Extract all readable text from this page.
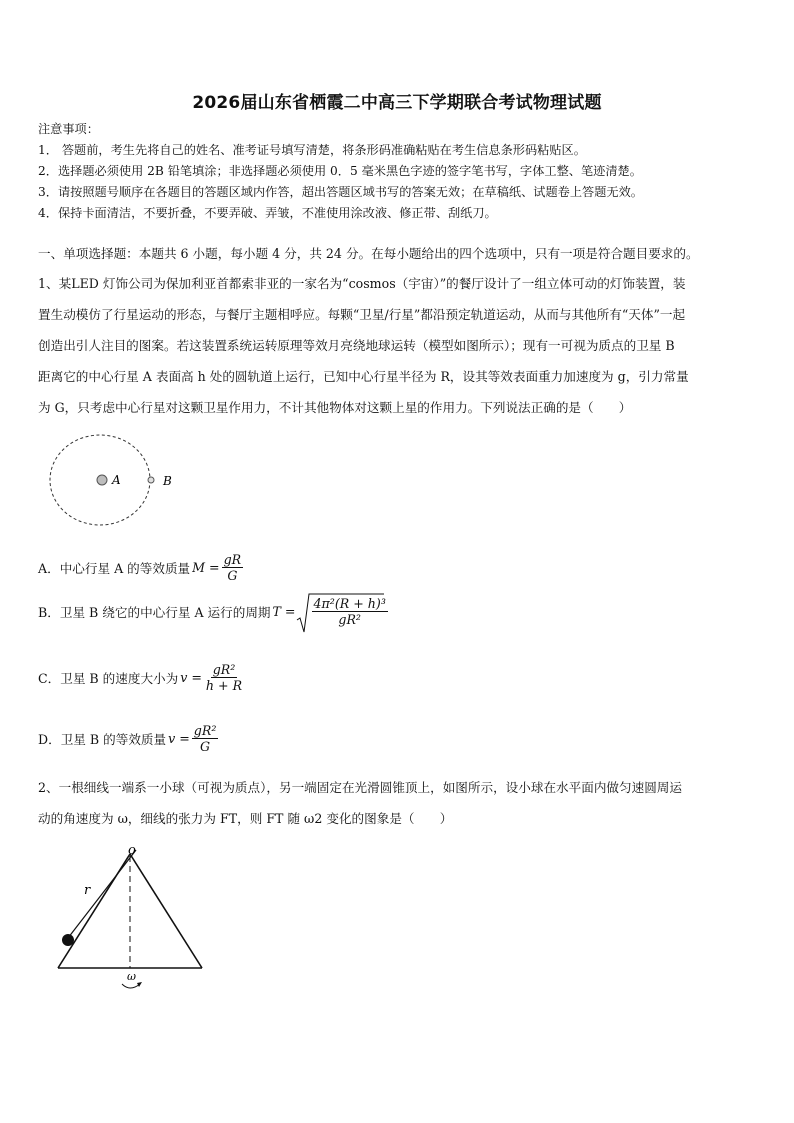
2026届山东省栖霞二中高三下学期联合考试物理试题
注意事项：
1． 答题前，考生先将自己的姓名、准考证号填写清楚，将条形码准确粘贴在考生信息条形码粘贴区。
2．选择题必须使用 2B 铅笔填涂；非选择题必须使用 0．5 毫米黑色字迹的签字笔书写，字体工整、笔迹清楚。
3．请按照题号顺序在各题目的答题区域内作答，超出答题区域书写的答案无效；在草稿纸、试题卷上答题无效。
4．保持卡面清洁，不要折叠，不要弄破、弄皱，不准使用涂改液、修正带、刮纸刀。
一、单项选择题：本题共 6 小题，每小题 4 分，共 24 分。在每小题给出的四个选项中，只有一项是符合题目要求的。
1、某LED 灯饰公司为保加利亚首都索非亚的一家名为“cosmos（宇宙）”的餐厅设计了一组立体可动的灯饰装置，装
置生动模仿了行星运动的形态，与餐厅主题相呼应。每颗“卫星/行星”都沿预定轨道运动，从而与其他所有“天体”一起
创造出引人注目的图案。若这装置系统运转原理等效月亮绕地球运转（模型如图所示）；现有一可视为质点的卫星 B
距离它的中心行星 A 表面高 h 处的圆轨道上运行，已知中心行星半径为 R，设其等效表面重力加速度为 g，引力常量
为 G，只考虑中心行星对这颗卫星作用力，不计其他物体对这颗上星的作用力。下列说法正确的是（　　）
A	B
A．中心行星 A 的等效质量 $M = \frac{gR}{G}$
B．卫星 B 绕它的中心行星 A 运行的周期 $T = \frac{\text{4π²(R + h)³}}{\text{gR²}}$
C．卫星 B 的速度大小为 $v = \frac{\text{gR²}}{h + R}$
D．卫星 B 的等效质量 $v = \frac{\text{gR²}}{G}$
2、一根细线一端系一小球（可视为质点），另一端固定在光滑圆锥顶上，如图所示，设小球在水平面内做匀速圆周运
动的角速度为 ω，细线的张力为 FT，则 FT 随 ω2 变化的图象是（　　）
o
r
ω
